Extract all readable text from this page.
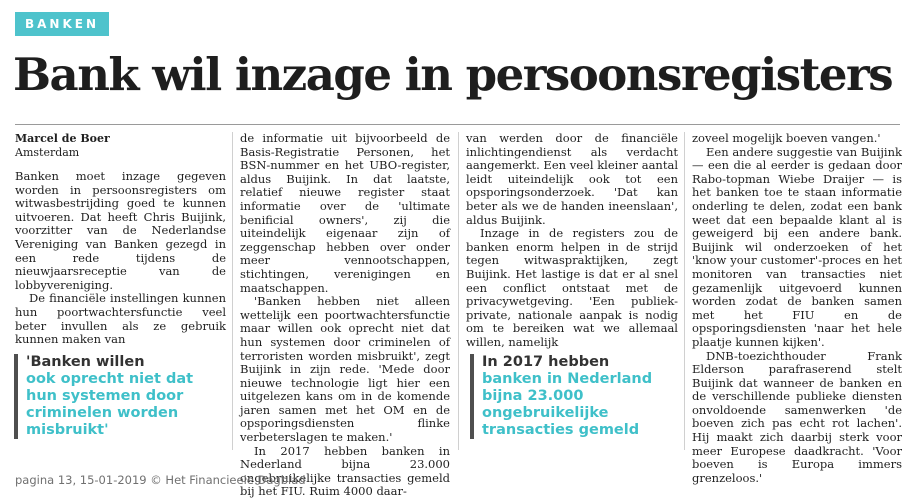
BANKEN
Bank wil inzage in persoonsregisters

Marcel de Boer

Amsterdam

Banken moet inzage gegeven worden in persoonsregisters om witwasbestrijding goed te kunnen uitvoeren. Dat heeft Chris Buijink, voorzitter van de Nederlandse Vereniging van Banken gezegd in een rede tijdens de nieuwjaarsreceptie van de lobbyvereniging.

De financiële instellingen kunnen hun poortwachtersfunctie veel beter invullen als ze gebruik kunnen maken van

de informatie uit bijvoorbeeld de Basis-Registratie Personen, het BSN-nummer en het UBO-register, aldus Buijink. In dat laatste, relatief nieuwe register staat informatie over de 'ultimate benificial owners', zij die uiteindelijk eigenaar zijn of zeggenschap hebben over onder meer vennootschappen, stichtingen, verenigingen en maatschappen.

'Banken hebben niet alleen wettelijk een poortwachtersfunctie maar willen ook oprecht niet dat hun systemen door criminelen of terroristen worden misbruikt', zegt Buijink in zijn rede. 'Mede door nieuwe technologie ligt hier een uitgelezen kans om in de komende jaren samen met het OM en de opsporingsdiensten flinke verbeterslagen te maken.'

In 2017 hebben banken in Nederland bijna 23.000 ongebruikelijke transacties gemeld bij het FIU. Ruim 4000 daar-

van werden door de financiële inlichtingendienst als verdacht aangemerkt. Een veel kleiner aantal leidt uiteindelijk ook tot een opsporingsonderzoek. 'Dat kan beter als we de handen ineenslaan', aldus Buijink.

Inzage in de registers zou de banken enorm helpen in de strijd tegen witwaspraktijken, zegt Buijink. Het lastige is dat er al snel een conflict ontstaat met de privacywetgeving. 'Een publiek-private, nationale aanpak is nodig om te bereiken wat we allemaal willen, namelijk

zoveel mogelijk boeven vangen.'

Een andere suggestie van Buijink — een die al eerder is gedaan door Rabo-topman Wiebe Draijer — is het banken toe te staan informatie onderling te delen, zodat een bank weet dat een bepaalde klant al is geweigerd bij een andere bank. Buijink wil onderzoeken of het 'know your customer'-proces en het monitoren van transacties niet gezamenlijk uitgevoerd kunnen worden zodat de banken samen met het FIU en de opsporingsdiensten 'naar het hele plaatje kunnen kijken'.

DNB-toezichthouder Frank Elderson parafraserend stelt Buijink dat wanneer de banken en de verschillende publieke diensten onvoldoende samenwerken 'de boeven zich pas echt rot lachen'. Hij maakt zich daarbij sterk voor meer Europese daadkracht. 'Voor boeven is Europa immers grenzeloos.'

'Banken willen
ook oprecht niet dat hun systemen door criminelen worden misbruikt'
In 2017 hebben
banken in Nederland bijna 23.000 ongebruikelijke transacties gemeld
pagina 13, 15-01-2019 © Het Financieele Dagblad
